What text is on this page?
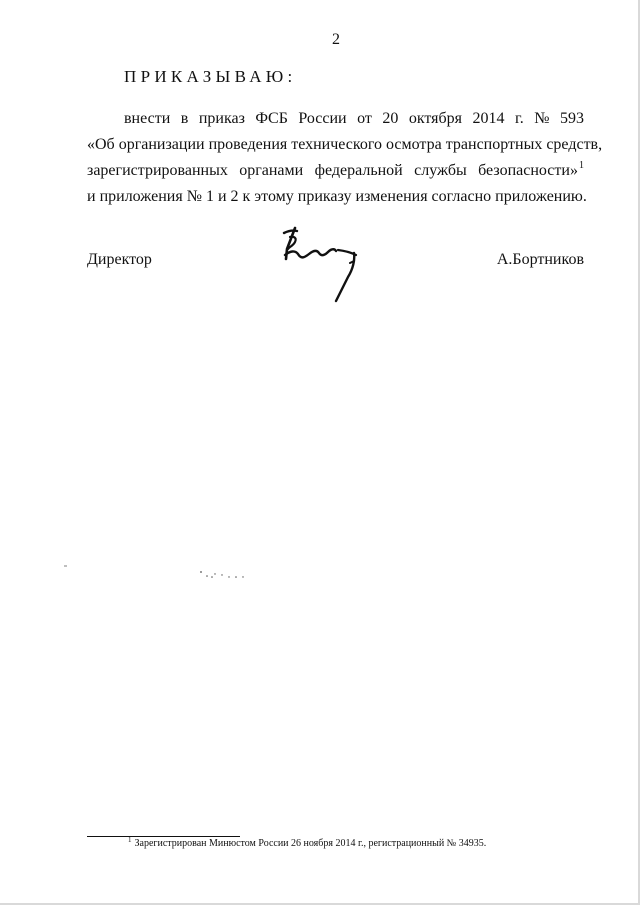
2
ПРИКАЗЫВАЮ:
внести в приказ ФСБ России от 20 октября 2014 г. № 593
«Об организации проведения технического осмотра транспортных средств,
зарегистрированных органами федеральной службы безопасности»$^1$
и приложения № 1 и 2 к этому приказу изменения согласно приложению.
Директор	А.Бортников
$^1$ Зарегистрирован Минюстом России 26 ноября 2014 г., регистрационный № 34935.
